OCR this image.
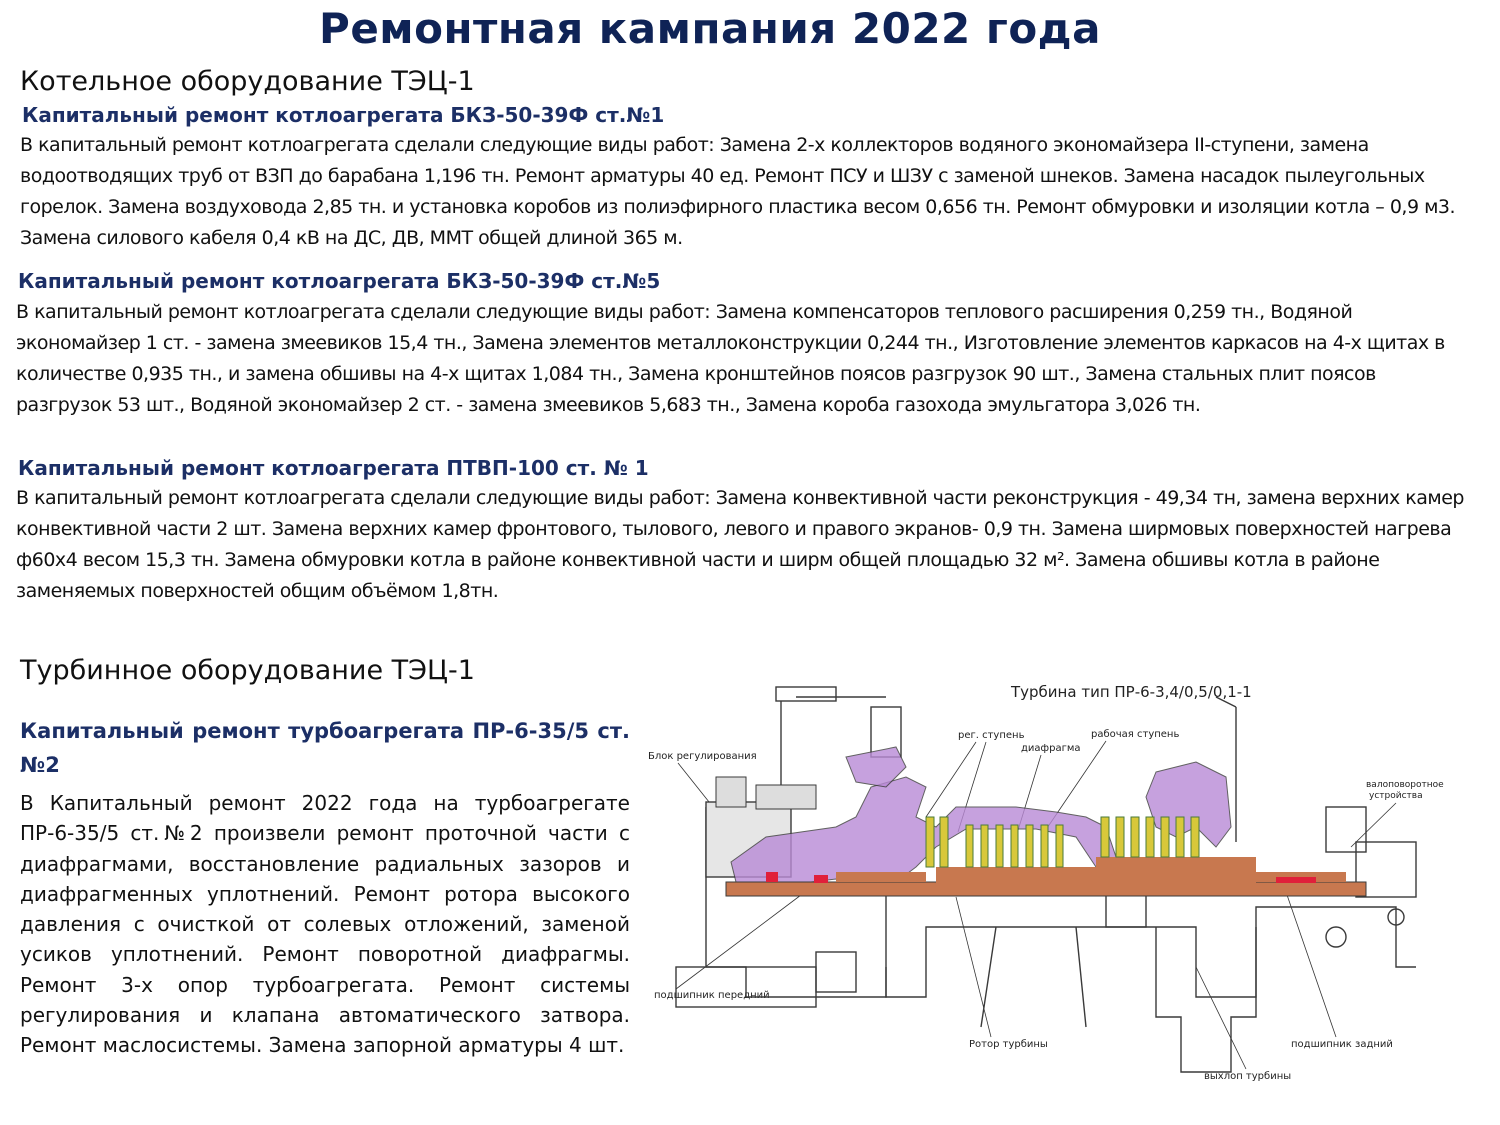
Ремонтная кампания 2022 года
Котельное оборудование ТЭЦ-1
Капитальный ремонт котлоагрегата БКЗ-50-39Ф ст.№1

В капитальный ремонт котлоагрегата сделали следующие виды работ: Замена 2-х коллекторов водяного экономайзера II-ступени, замена водоотводящих труб от ВЗП до барабана 1,196 тн. Ремонт арматуры 40 ед. Ремонт ПСУ и ШЗУ с заменой шнеков. Замена насадок пылеугольных горелок. Замена воздуховода 2,85 тн. и установка коробов из полиэфирного пластика весом 0,656 тн. Ремонт обмуровки и изоляции котла – 0,9 м3. Замена силового кабеля 0,4 кВ на ДС, ДВ, ММТ общей длиной 365 м.

Капитальный ремонт котлоагрегата БКЗ-50-39Ф ст.№5

В капитальный ремонт котлоагрегата сделали следующие виды работ: Замена компенсаторов теплового расширения 0,259 тн., Водяной экономайзер 1 ст. - замена змеевиков 15,4 тн., Замена элементов металлоконструкции 0,244 тн., Изготовление элементов каркасов на 4-х щитах в количестве 0,935 тн., и замена обшивы на 4-х щитах 1,084 тн., Замена кронштейнов поясов разгрузок 90 шт., Замена стальных плит поясов разгрузок 53 шт., Водяной экономайзер 2 ст. - замена змеевиков 5,683 тн., Замена короба газохода эмульгатора 3,026 тн.

Капитальный ремонт котлоагрегата ПТВП-100 ст. № 1

В капитальный ремонт котлоагрегата сделали следующие виды работ: Замена конвективной части реконструкция - 49,34 тн, замена верхних камер конвективной части 2 шт. Замена верхних камер фронтового, тылового, левого и правого экранов- 0,9 тн. Замена ширмовых поверхностей нагрева ф60х4 весом 15,3 тн. Замена обмуровки котла в районе конвективной части и ширм общей площадью 32 м². Замена обшивы котла в районе заменяемых поверхностей общим объёмом 1,8тн.

Турбинное оборудование ТЭЦ-1
Капитальный ремонт турбоагрегата ПР-6-35/5 ст.№2

В Капитальный ремонт 2022 года на турбоагрегате ПР-6-35/5 ст.№2 произвели ремонт проточной части с диафрагмами, восстановление радиальных зазоров и диафрагменных уплотнений. Ремонт ротора высокого давления с очисткой от солевых отложений, заменой усиков уплотнений. Ремонт поворотной диафрагмы. Ремонт 3-х опор турбоагрегата. Ремонт системы регулирования и клапана автоматического затвора. Ремонт маслосистемы. Замена запорной арматуры 4 шт.

Турбина тип ПР-6-3,4/0,5/0,1-1
Блок регулирования
рег. ступень
диафрагма
рабочая ступень
валоповоротное
устройства
подшипник передний
Ротор турбины	подшипник задний
выхлоп турбины
